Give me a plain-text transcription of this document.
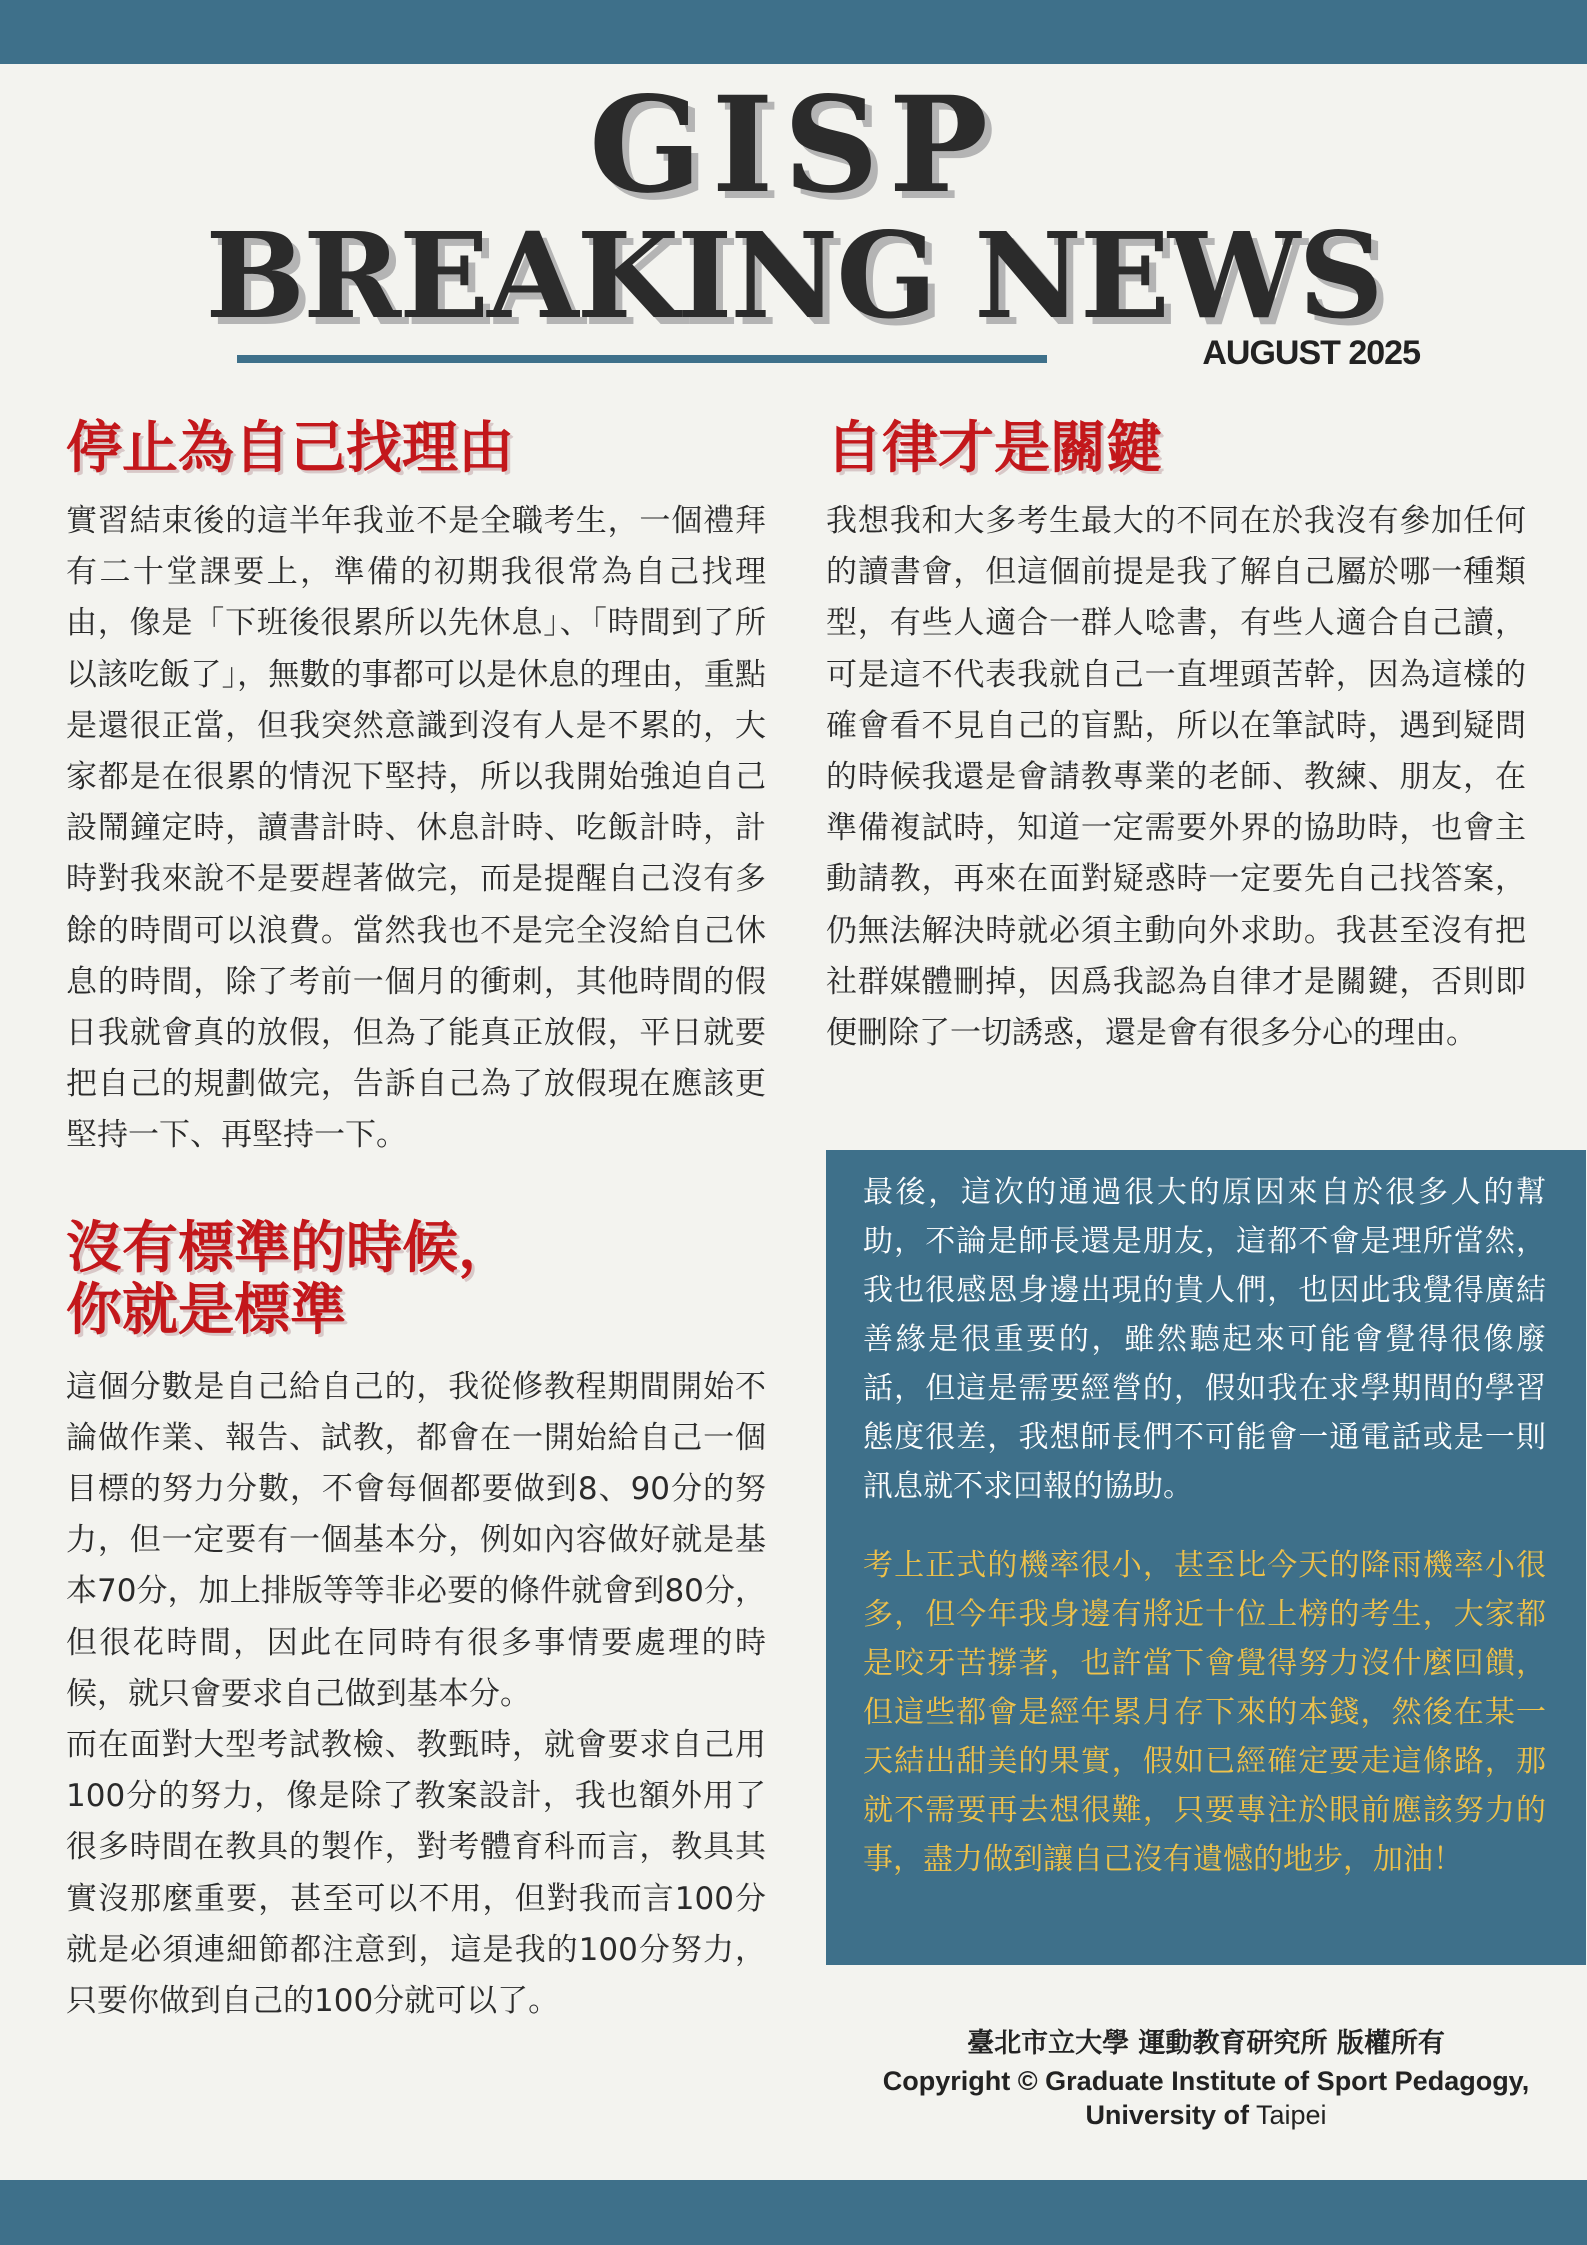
GISP
BREAKING NEWS
AUGUST 2025
停止為自己找理由

實習結束後的這半年我並不是全職考生，一個禮拜有二十堂課要上，準備的初期我很常為自己找理由，像是「下班後很累所以先休息」、「時間到了所以該吃飯了」，無數的事都可以是休息的理由，重點是還很正當，但我突然意識到沒有人是不累的，大家都是在很累的情況下堅持，所以我開始強迫自己設鬧鐘定時，讀書計時、休息計時、吃飯計時，計時對我來說不是要趕著做完，而是提醒自己沒有多餘的時間可以浪費。當然我也不是完全沒給自己休息的時間，除了考前一個月的衝刺，其他時間的假日我就會真的放假，但為了能真正放假，平日就要把自己的規劃做完，告訴自己為了放假現在應該更堅持一下、再堅持一下。

沒有標準的時候，
你就是標準

這個分數是自己給自己的，我從修教程期間開始不論做作業、報告、試教，都會在一開始給自己一個目標的努力分數，不會每個都要做到8、90分的努力，但一定要有一個基本分，例如內容做好就是基本70分，加上排版等等非必要的條件就會到80分，但很花時間，因此在同時有很多事情要處理的時候，就只會要求自己做到基本分。

而在面對大型考試教檢、教甄時，就會要求自己用100分的努力，像是除了教案設計，我也額外用了很多時間在教具的製作，對考體育科而言，教具其實沒那麼重要，甚至可以不用，但對我而言100分就是必須連細節都注意到，這是我的100分努力，只要你做到自己的100分就可以了。

自律才是關鍵

我想我和大多考生最大的不同在於我沒有參加任何的讀書會，但這個前提是我了解自己屬於哪一種類型，有些人適合一群人唸書，有些人適合自己讀，可是這不代表我就自己一直埋頭苦幹，因為這樣的確會看不見自己的盲點，所以在筆試時，遇到疑問的時候我還是會請教專業的老師、教練、朋友，在準備複試時，知道一定需要外界的協助時，也會主動請教，再來在面對疑惑時一定要先自己找答案，仍無法解決時就必須主動向外求助。我甚至沒有把社群媒體刪掉，因爲我認為自律才是關鍵，否則即便刪除了一切誘惑，還是會有很多分心的理由。

最後，這次的通過很大的原因來自於很多人的幫助，不論是師長還是朋友，這都不會是理所當然，我也很感恩身邊出現的貴人們，也因此我覺得廣結善緣是很重要的，雖然聽起來可能會覺得很像廢話，但這是需要經營的，假如我在求學期間的學習態度很差，我想師長們不可能會一通電話或是一則訊息就不求回報的協助。

考上正式的機率很小，甚至比今天的降雨機率小很多，但今年我身邊有將近十位上榜的考生，大家都是咬牙苦撐著，也許當下會覺得努力沒什麼回饋，但這些都會是經年累月存下來的本錢，然後在某一天結出甜美的果實，假如已經確定要走這條路，那就不需要再去想很難，只要專注於眼前應該努力的事，盡力做到讓自己沒有遺憾的地步，加油！

臺北市立大學 運動教育研究所 版權所有
Copyright © Graduate Institute of Sport Pedagogy,
University of Taipei
